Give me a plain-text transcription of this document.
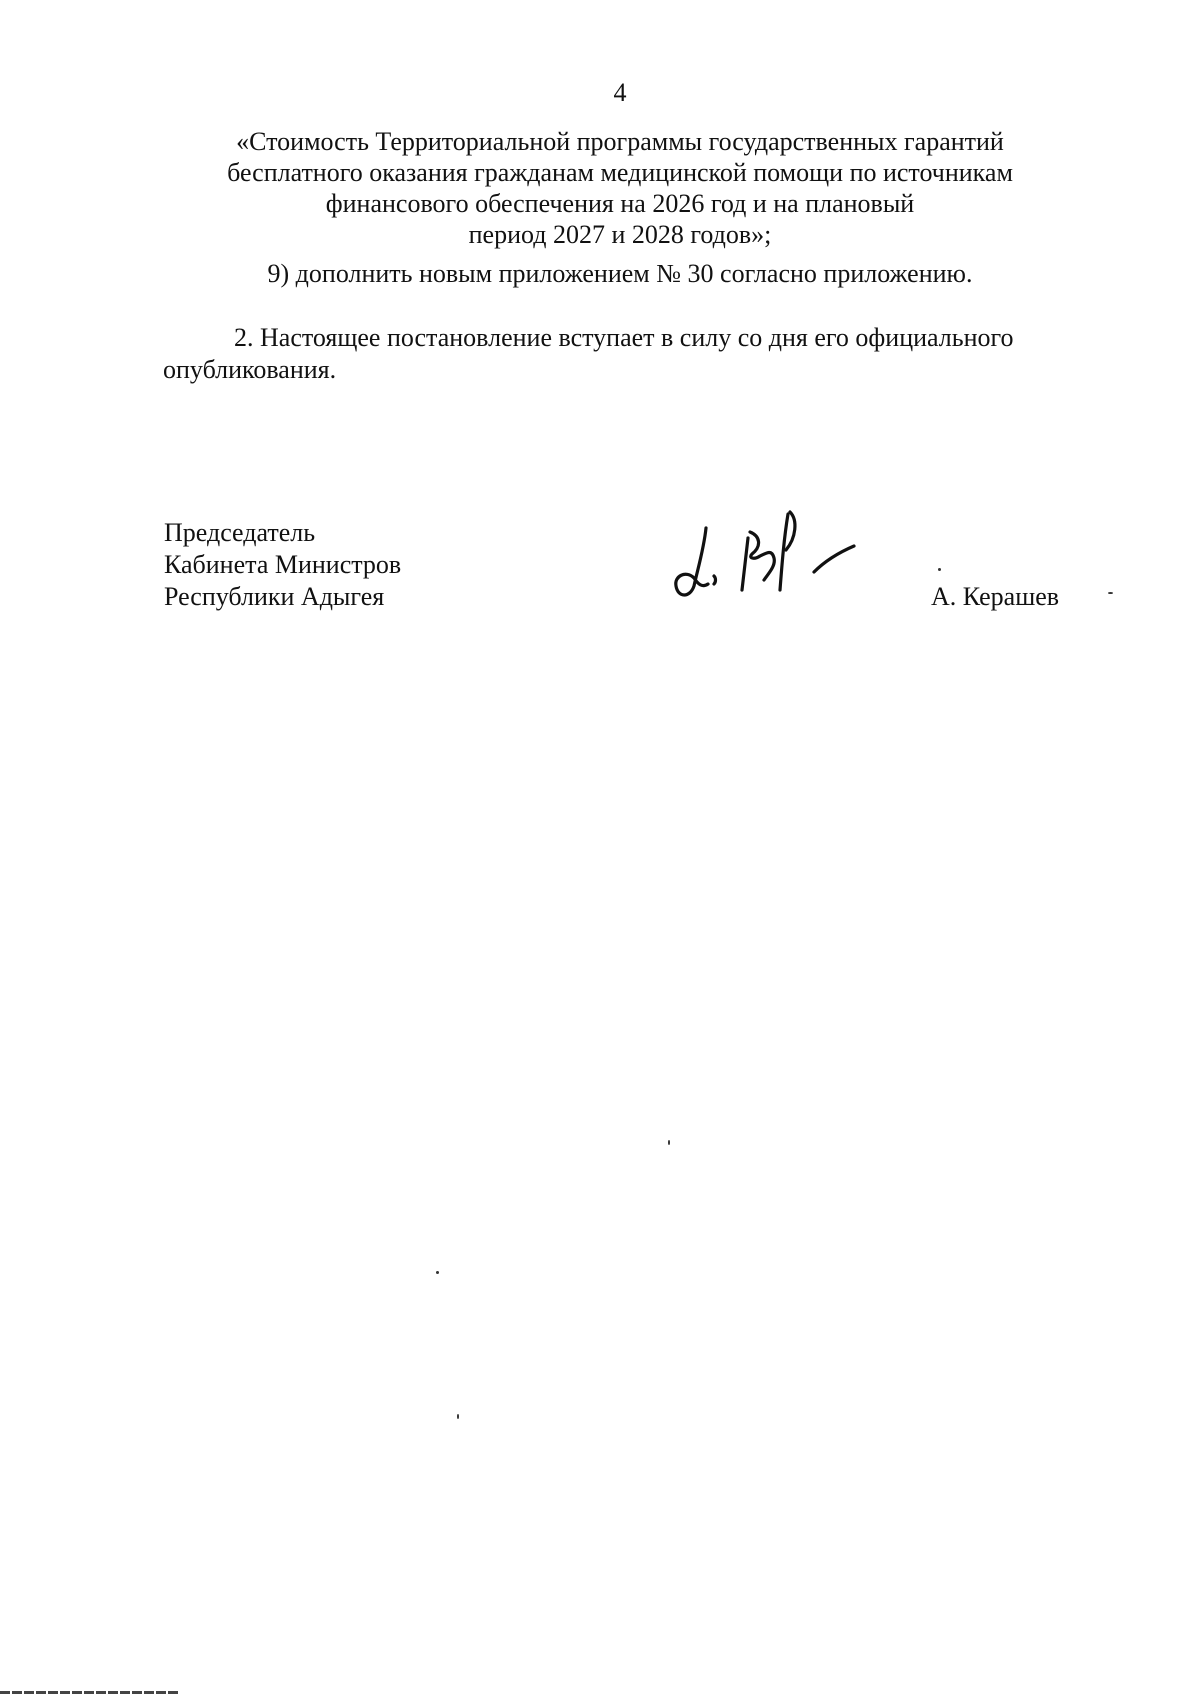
4
«Стоимость Территориальной программы государственных гарантий
бесплатного оказания гражданам медицинской помощи по источникам
финансового обеспечения на 2026 год и на плановый
период 2027 и 2028 годов»;
9) дополнить новым приложением № 30 согласно приложению.
2. Настоящее постановление вступает в силу со дня его официального опубликования.
Председатель
Кабинета Министров
Республики Адыгея	А. Керашев
